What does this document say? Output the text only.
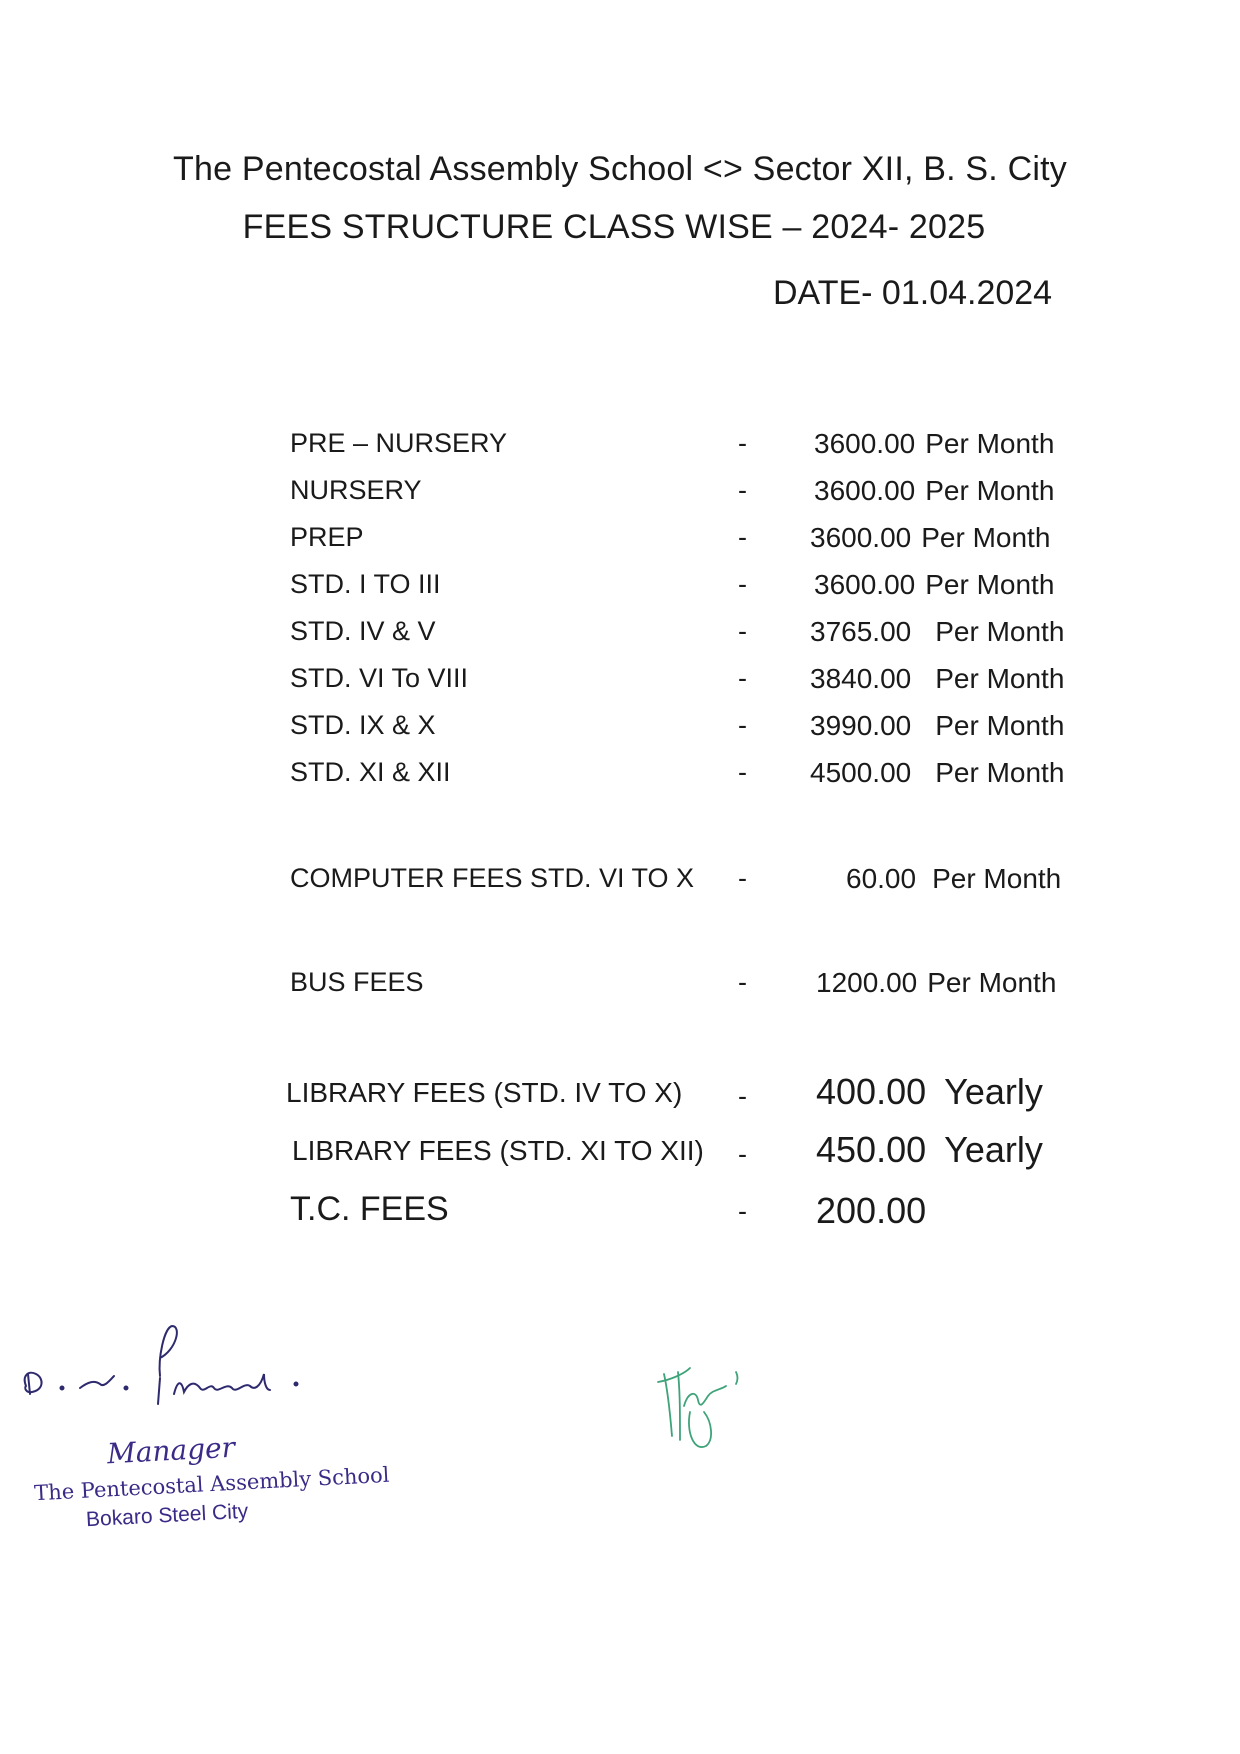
The Pentecostal Assembly School <> Sector XII, B. S. City
FEES STRUCTURE CLASS WISE – 2024- 2025
DATE- 01.04.2024
PRE – NURSERY	- 3600.00 Per Month
NURSERY	- 3600.00 Per Month
PREP	- 3600.00 Per Month
STD. I TO III	- 3600.00 Per Month
STD. IV & V	- 3765.00 Per Month
STD. VI To VIII	- 3840.00 Per Month
STD. IX & X	- 3990.00 Per Month
STD. XI & XII	- 4500.00 Per Month
COMPUTER FEES STD. VI TO X -	60.00 Per Month
BUS FEES	- 1200.00 Per Month
LIBRARY FEES (STD. IV TO X) - 400.00 Yearly
LIBRARY FEES (STD. XI TO XII) - 450.00 Yearly
T.C. FEES	- 200.00
Manager
The Pentecostal Assembly School
Bokaro Steel City
